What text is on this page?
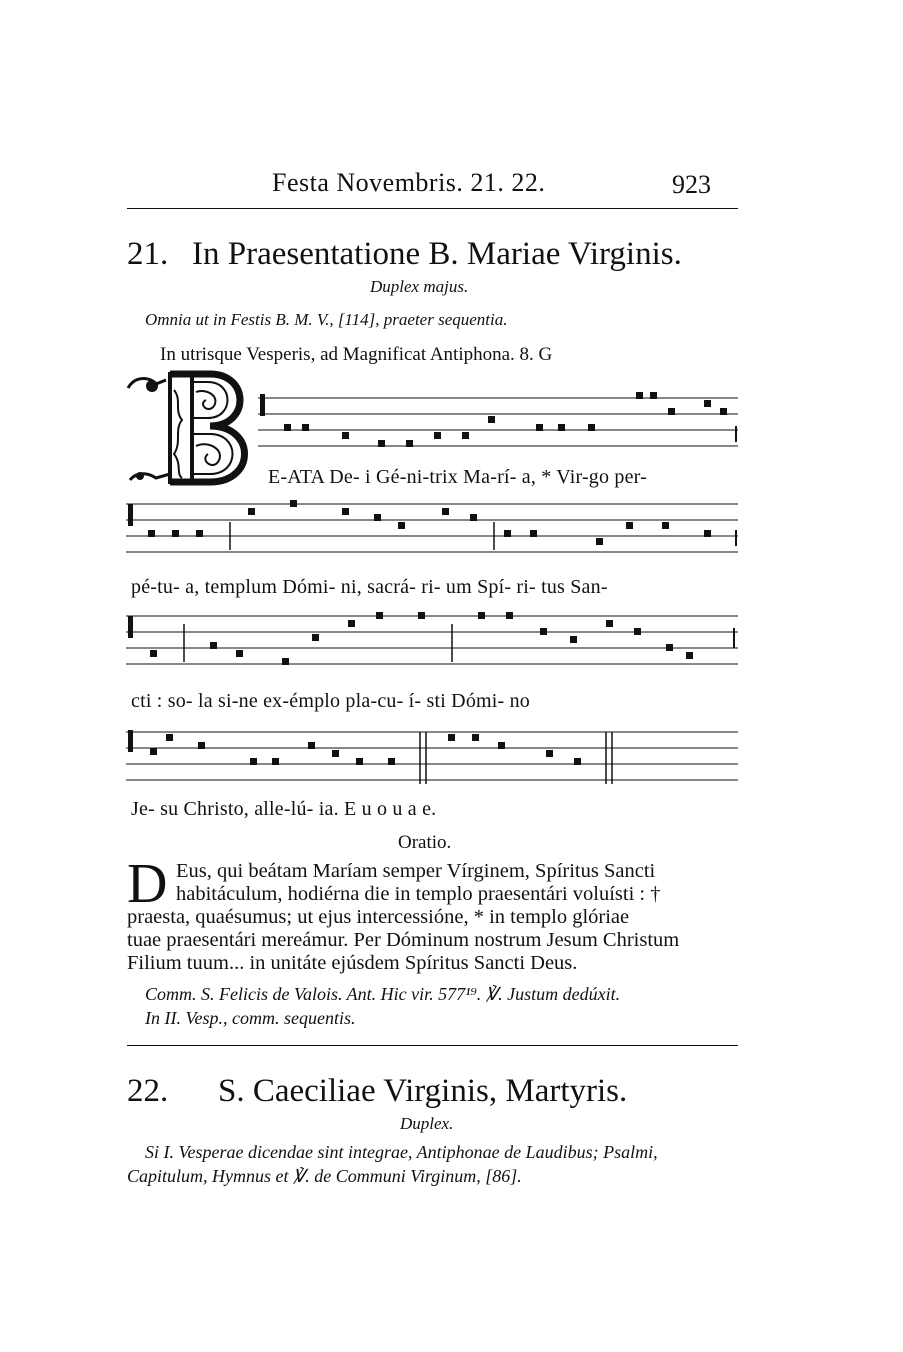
Festa Novembris. 21. 22.	923
21. In Praesentatione B. Mariae Virginis.
Duplex majus.
Omnia ut in Festis B. M. V., [114], praeter sequentia.
In utrisque Vesperis, ad Magnificat Antiphona. 8. G
E-ATA De- i Gé-ni-trix Ma-rí- a, * Vir-go per-
pé-tu- a, templum Dómi- ni, sacrá- ri- um Spí- ri- tus San-
cti : so- la si-ne ex-émplo pla-cu- í- sti Dómi- no
Je- su Christo, alle-lú- ia. E u o u a e.
Oratio.
D Eus, qui beátam Maríam semper Vírginem, Spíritus Sancti
habitáculum, hodiérna die in templo praesentári voluísti : †
praesta, quaésumus; ut ejus intercessióne, * in templo glóriae
tuae praesentári mereámur. Per Dóminum nostrum Jesum Christum
Filium tuum... in unitáte ejúsdem Spíritus Sancti Deus.
Comm. S. Felicis de Valois. Ant. Hic vir. 577¹⁹. ℣. Justum dedúxit.
In II. Vesp., comm. sequentis.
22. S. Caeciliae Virginis, Martyris.
Duplex.
Si I. Vesperae dicendae sint integrae, Antiphonae de Laudibus; Psalmi,
Capitulum, Hymnus et ℣. de Communi Virginum, [86].
